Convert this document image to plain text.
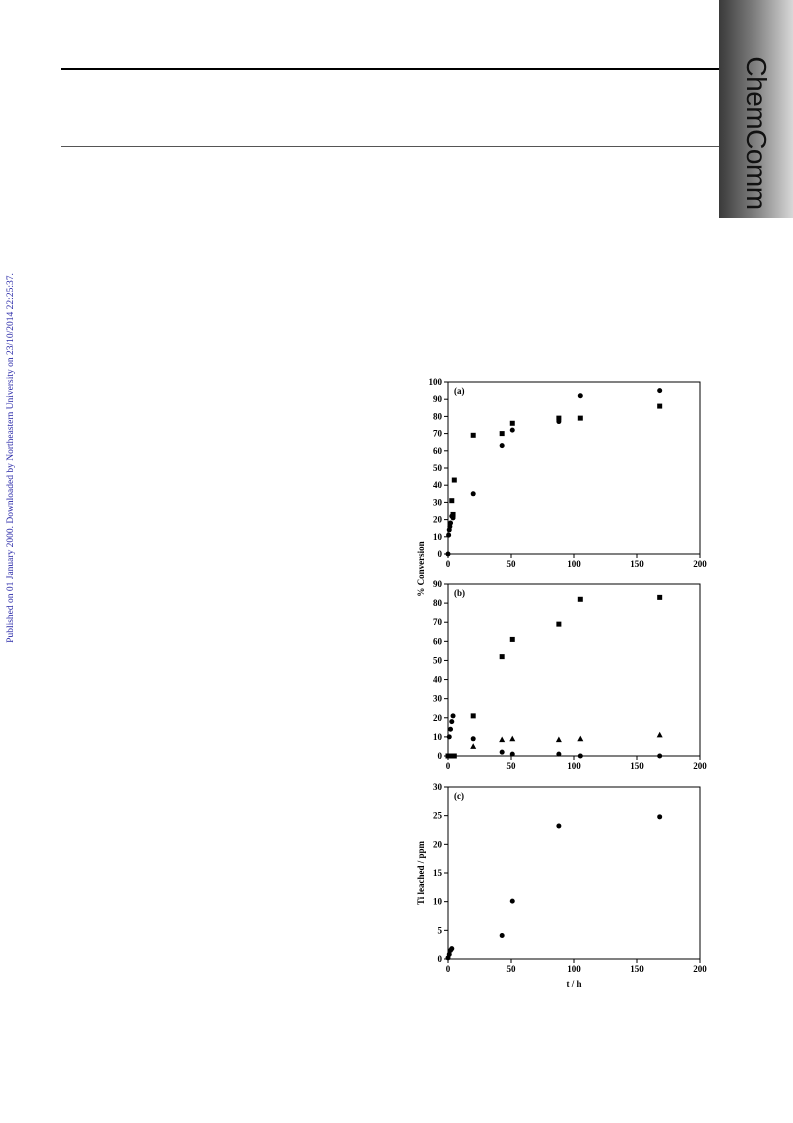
ChemComm
Published on 01 January 2000. Downloaded by Northeastern University on 23/10/2014 22:25:37.	0
10
20
30
40
50
60
70
80
90
100
0	50	100	150	200
(a)
0
10
20
30
40
50
60
70
80
90
0	50	100	150	200
(b)
0
5
10
15
20
25
30
0	50	100	150	200
(c)
% Conversion
Ti leached / ppm
t / h
